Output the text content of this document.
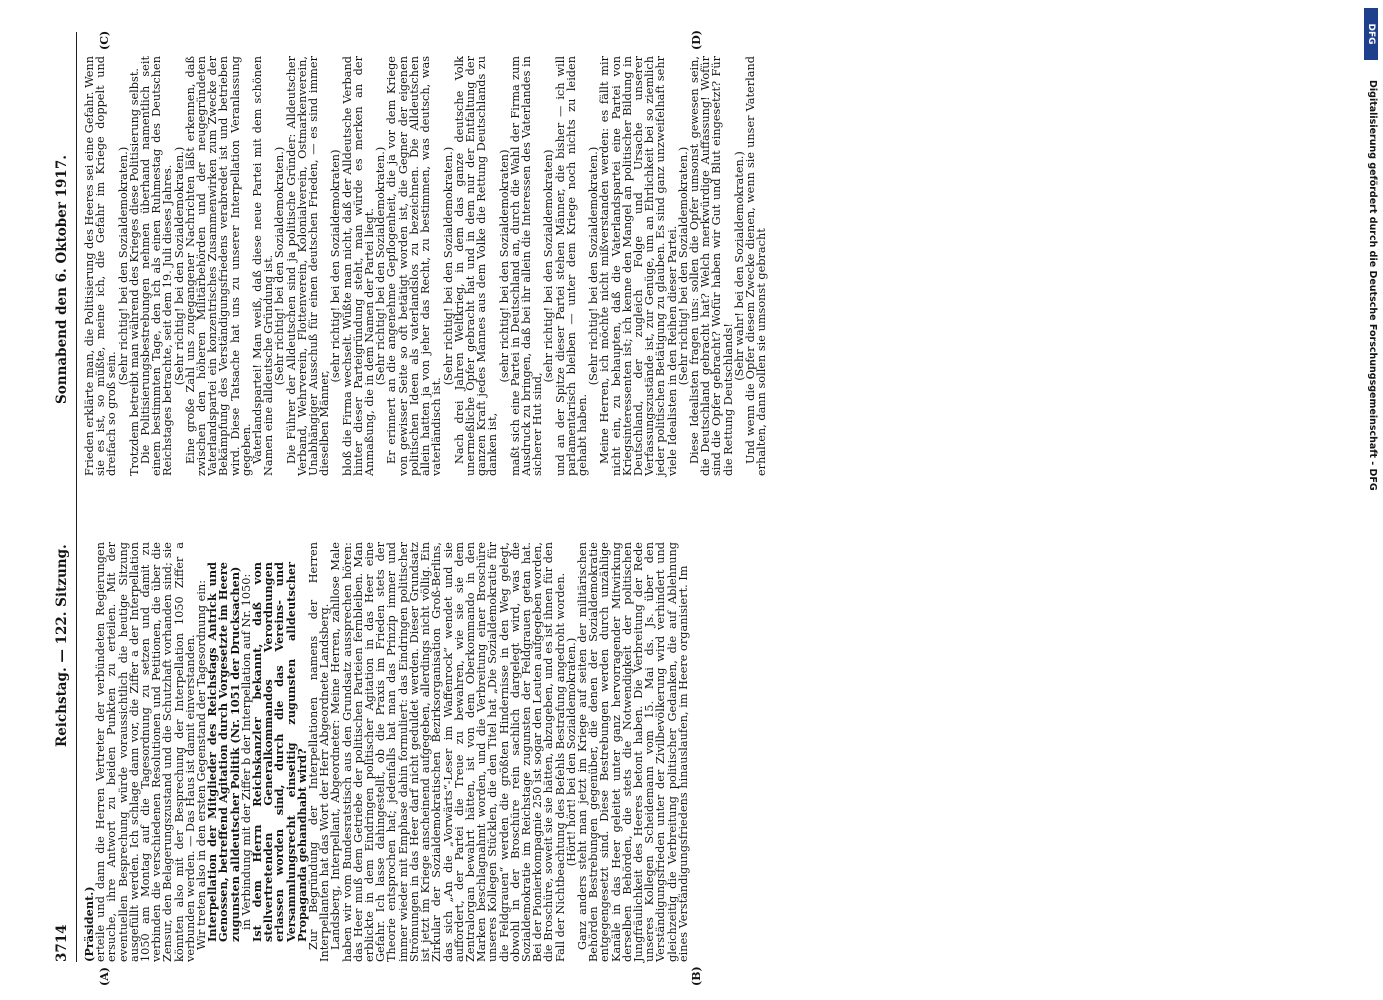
3714
Reichstag. — 122. Sitzung.
Sonnabend den 6. Oktober 1917.
(A)	(B)
(C)	(D)

(Präsident.)

erteile und dann die Herren Vertreter der verbündeten Regierungen ersuche, ihre Antwort zu beiden Punkten zu erteilen. Mit der eventuellen Besprechung würde voraussichtlich die heutige Sitzung ausgefüllt werden. Ich schlage dann vor, die Ziffer a der Interpellation 1050 am Montag auf die Tagesordnung zu setzen und damit zu verbinden die verschiedenen Resolutionen und Petitionen, die über die Zensur, den Belagerungszustand und die Schutzhaft vorhanden sind; sie könnten also mit der Besprechung der Interpellation 1050 Ziffer a verbunden werden. — Das Haus ist damit einverstanden.

Wir treten also in den ersten Gegenstand der Tagesordnung ein:

Interpellation der Mitglieder des Reichstags Antrick und Genossen, betreffend Agitation durch Vorgesetzte im Heere zugunsten alldeutscher Politik (Nr. 1051 der Drucksachen)

in Verbindung mit der Ziffer b der Interpellation auf Nr. 1050:

Ist dem Herrn Reichskanzler bekannt, daß von stellvertretenden Generalkommandos Verordnungen erlassen worden sind, durch die das Vereins- und Versammlungsrecht einseitig zugunsten alldeutscher Propaganda gehandhabt wird?

Zur Begründung der Interpellationen namens der Herren Interpellanten hat das Wort der Herr Abgeordnete Landsberg.

Landsberg, Interpellant, Abgeordneter: Meine Herren, zahllose Male haben wir vom Bundesratstisch aus den Grundsatz aussprechen hören: das Heer muß dem Getriebe der politischen Parteien fernbleiben. Man erblickte in dem Eindringen politischer Agitation in das Heer eine Gefahr. Ich lasse dahingestellt, ob die Praxis im Frieden stets der Theorie entsprochen hat; jedenfalls hat man das Prinzip immer und immer wieder mit Emphase dahin formuliert: das Eindringen politischer Strömungen in das Heer darf nicht geduldet werden. Dieser Grundsatz ist jetzt im Kriege anscheinend aufgegeben, allerdings nicht völlig. Ein Zirkular der Sozialdemokratischen Bezirksorganisation Groß-Berlins, das sich „An die „Vorwärts“-Leser im Waffenrock“ wendet und sie auffordert, der Partei die Treue zu bewahren, wie sie sie dem Zentralorgan bewahrt hätten, ist von dem Oberkommando in den Marken beschlagnahmt worden, und die Verbreitung einer Broschüre unseres Kollegen Stücklen, die den Titel hat „Die Sozialdemokratie für die Feldgrauen“ werden die größten Hindernisse in den Weg gelegt, obwohl in der Broschüre rein sachlich dargelegt wird, was die Sozialdemokratie im Reichstage zugunsten der Feldgrauen getan hat. Bei der Pionierkompagnie 250 ist sogar den Leuten aufgegeben worden, die Broschüre, soweit sie sie hätten, abzugeben, und es ist ihnen für den Fall der Nichtbeachtung des Befehls Bestrafung angedroht worden.

(Hört! hört! bei den Sozialdemokraten.)

Ganz anders steht man jetzt im Kriege auf seiten der militärischen Behörden Bestrebungen gegenüber, die denen der Sozialdemokratie entgegengesetzt sind. Diese Bestrebungen werden durch unzählige Kanäle in das Heer geleitet unter ganz hervorragender Mitwirkung derselben Behörden, die stets die Notwendigkeit der politischen Jungfräulichkeit des Heeres betont haben. Die Verbreitung der Rede unseres Kollegen Scheidemann vom 15. Mai ds. Js. über den Verständigungsfrieden unter der Zivilbevölkerung wird verhindert und gleichzeitig die Verbreitung politischer Gedanken, die auf Ablehnung eines Verständigungsfriedens hinauslaufen, im Heere organisiert. Im

Frieden erklärte man, die Politisierung des Heeres sei eine Gefahr. Wenn sie es ist, so müßte, meine ich, die Gefahr im Kriege doppelt und dreifach so groß sein.

(Sehr richtig! bei den Sozialdemokraten.)

Trotzdem betreibt man während des Krieges diese Politisierung selbst.

Die Politisierungsbestrebungen nehmen überhand namentlich seit einem bestimmten Tage, den ich als einen Ruhmestag des Deutschen Reichstages betrachte, seit dem 19. Juli dieses Jahres.

(Sehr richtig! bei den Sozialdemokraten.)

Eine große Zahl uns zugegangener Nachrichten läßt erkennen, daß zwischen den höheren Militärbehörden und der neugegründeten Vaterlandspartei ein konzentrisches Zusammenwirken zum Zwecke der Bekämpfung des Verständigungsfriedens verabredet ist und betrieben wird. Diese Tatsache hat uns zu unserer Interpellation Veranlassung gegeben.

Vaterlandspartei! Man weiß, daß diese neue Partei mit dem schönen Namen eine alldeutsche Gründung ist.

(Sehr richtig! bei den Sozialdemokraten.)

Die Führer der Alldeutschen sind ja politische Gründer: Alldeutscher Verband, Wehrverein, Flottenverein, Kolonialverein, Ostmarkenverein, Unabhängiger Ausschuß für einen deutschen Frieden, — es sind immer dieselben Männer,

(sehr richtig! bei den Sozialdemokraten)

bloß die Firma wechselt. Wüßte man nicht, daß der Alldeutsche Verband hinter dieser Parteigründung steht, man würde es merken an der Anmaßung, die in dem Namen der Partei liegt.

(Sehr richtig! bei den Sozialdemokraten.)

Er erinnert an die angenehme Gepflogenheit, die ja vor dem Kriege von gewisser Seite so oft betätigt worden ist, die Gegner der eigenen politischen Ideen als vaterlandslos zu bezeichnen. Die Alldeutschen allein hatten ja von jeher das Recht, zu bestimmen, was deutsch, was vaterländisch ist.

(Sehr richtig! bei den Sozialdemokraten.)

Nach drei Jahren Weltkrieg, in dem das ganze deutsche Volk unermeßliche Opfer gebracht hat und in dem nur der Entfaltung der ganzen Kraft jedes Mannes aus dem Volke die Rettung Deutschlands zu danken ist,

(sehr richtig! bei den Sozialdemokraten)

maßt sich eine Partei in Deutschland an, durch die Wahl der Firma zum Ausdruck zu bringen, daß bei ihr allein die Interessen des Vaterlandes in sicherer Hut sind,

(sehr richtig! bei den Sozialdemokraten)

und an der Spitze dieser Partei stehen Männer, die bisher — ich will parlamentarisch bleiben — unter dem Kriege noch nichts zu leiden gehabt haben.

(Sehr richtig! bei den Sozialdemokraten.)

Meine Herren, ich möchte nicht mißverstanden werden: es fällt mir nicht ein, zu behaupten, daß die Vaterlandspartei eine Partei von Kriegsinteressenten ist; ich kenne den Mangel an politischer Bildung in Deutschland, der zugleich Folge und Ursache unserer Verfassungszustände ist, zur Genüge, um an Ehrlichkeit bei so ziemlich jeder politischen Betätigung zu glauben. Es sind ganz unzweifelhaft sehr viele Idealisten in den Reihen dieser Partei.

(Sehr richtig! bei den Sozialdemokraten.)

Diese Idealisten fragen uns: sollen die Opfer umsonst gewesen sein, die Deutschland gebracht hat? Welch merkwürdige Auffassung! Wofür sind die Opfer gebracht? Wofür haben wir Gut und Blut eingesetzt? Für die Rettung Deutschlands!

(Sehr wahr! bei den Sozialdemokraten.)

Und wenn die Opfer diesem Zwecke dienen, wenn sie unser Vaterland erhalten, dann sollen sie umsonst gebracht

DFG
Digitalisierung gefördert durch die Deutsche Forschungsgemeinschaft - DFG
